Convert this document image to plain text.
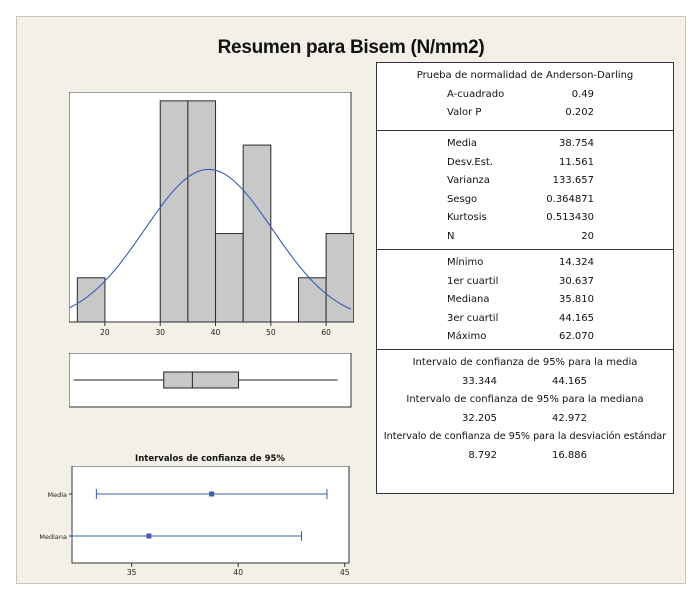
Resumen para Bisem (N/mm2)
20	30	40	50	60
Intervalos de confianza de 95%
Media
Mediana
35	40	45
Prueba de normalidad de Anderson-Darling
A-cuadrado	0.49
Valor P	0.202
Media	38.754
Desv.Est.	11.561
Varianza	133.657
Sesgo	0.364871
Kurtosis	0.513430
N	20
Mínimo	14.324
1er cuartil	30.637
Mediana	35.810
3er cuartil	44.165
Máximo	62.070
Intervalo de confianza de 95% para la media
33.344	44.165
Intervalo de confianza de 95% para la mediana
32.205	42.972
Intervalo de confianza de 95% para la desviación estándar
8.792	16.886
